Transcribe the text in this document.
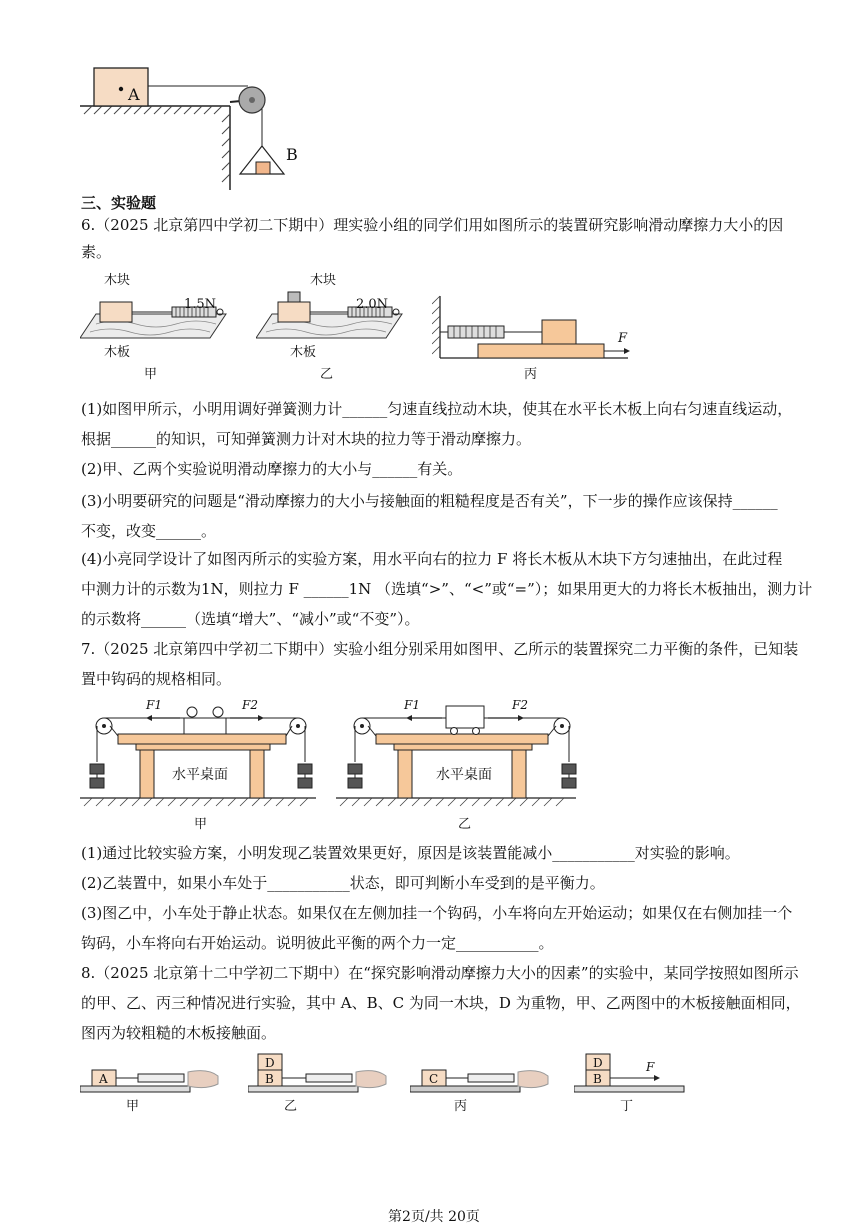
A
B
三、实验题
6.（2025 北京第四中学初二下期中）理实验小组的同学们用如图所示的装置研究影响滑动摩擦力大小的因
素。
木块
1.5N
木板
甲
木块
2.0N
木板
乙
F
丙
(1)如图甲所示，小明用调好弹簧测力计______匀速直线拉动木块，使其在水平长木板上向右匀速直线运动，
根据______的知识，可知弹簧测力计对木块的拉力等于滑动摩擦力。
(2)甲、乙两个实验说明滑动摩擦力的大小与______有关。
(3)小明要研究的问题是“滑动摩擦力的大小与接触面的粗糙程度是否有关”，下一步的操作应该保持______
不变，改变______。
(4)小亮同学设计了如图丙所示的实验方案，用水平向右的拉力 F 将长木板从木块下方匀速抽出，在此过程
中测力计的示数为1N，则拉力 F ______1N （选填“>”、“<”或“=”）；如果用更大的力将长木板抽出，测力计
的示数将______（选填“增大”、“减小”或“不变”）。
7.（2025 北京第四中学初二下期中）实验小组分别采用如图甲、乙所示的装置探究二力平衡的条件，已知装
置中钩码的规格相同。
F1	F2
水平桌面
甲
F1	F2
水平桌面
乙
(1)通过比较实验方案，小明发现乙装置效果更好，原因是该装置能减小___________对实验的影响。
(2)乙装置中，如果小车处于___________状态，即可判断小车受到的是平衡力。
(3)图乙中，小车处于静止状态。如果仅在左侧加挂一个钩码，小车将向左开始运动；如果仅在右侧加挂一个
钩码，小车将向右开始运动。说明彼此平衡的两个力一定___________。
8.（2025 北京第十二中学初二下期中）在“探究影响滑动摩擦力大小的因素”的实验中，某同学按照如图所示
的甲、乙、丙三种情况进行实验，其中 A、B、C 为同一木块，D 为重物，甲、乙两图中的木板接触面相同，
图丙为较粗糙的木板接触面。
A
甲
D
B
乙
C
丙
D
B
F
丁
第2页/共 20页
